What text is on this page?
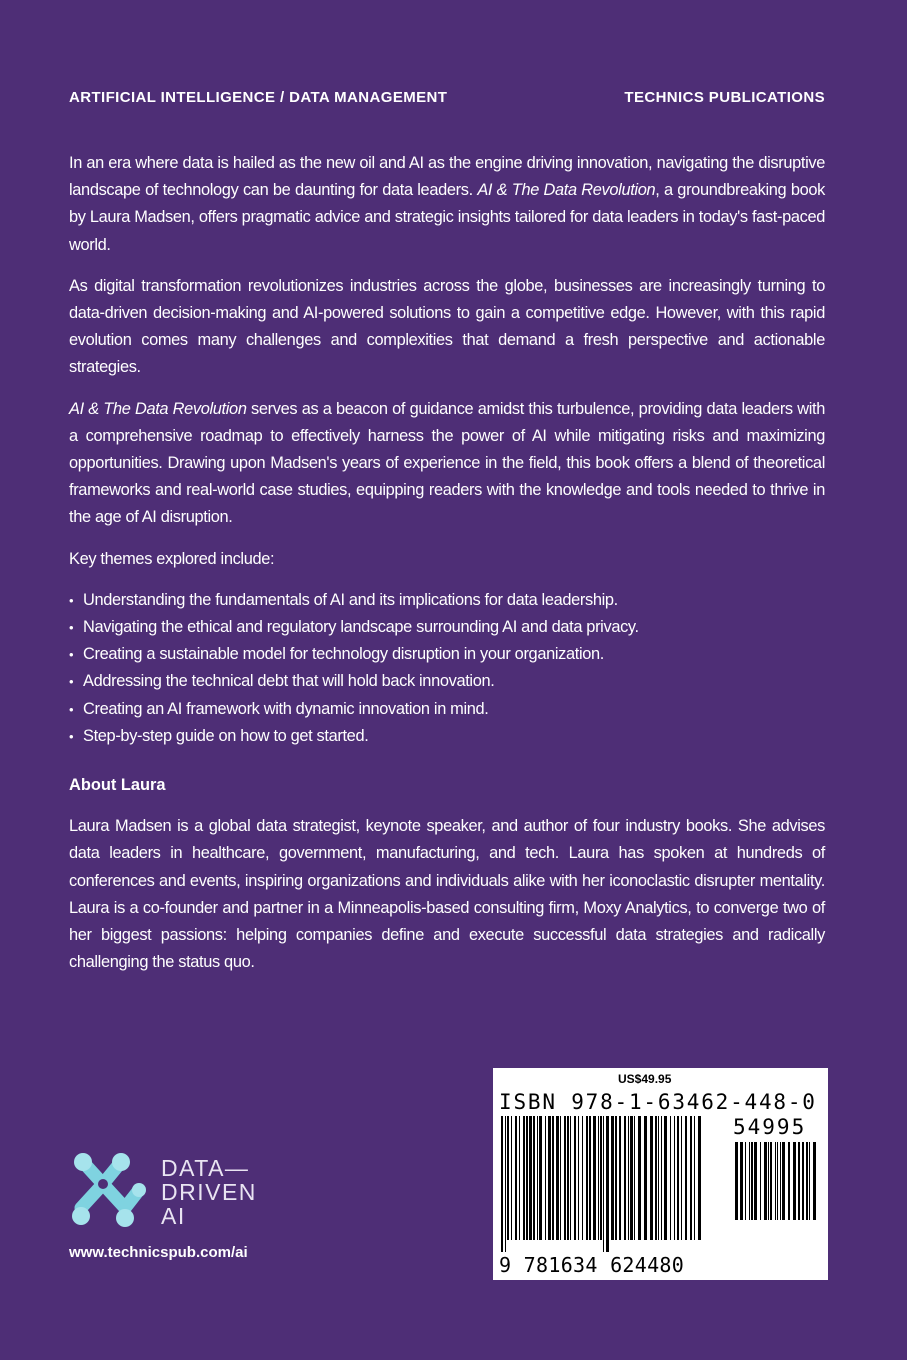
ARTIFICIAL INTELLIGENCE / DATA MANAGEMENT	TECHNICS PUBLICATIONS

In an era where data is hailed as the new oil and AI as the engine driving innovation, navigating the disruptive landscape of technology can be daunting for data leaders. AI & The Data Revolution, a groundbreaking book by Laura Madsen, offers pragmatic advice and strategic insights tailored for data leaders in today's fast-paced world.

As digital transformation revolutionizes industries across the globe, businesses are increasingly turning to data-driven decision-making and AI-powered solutions to gain a competitive edge. However, with this rapid evolution comes many challenges and complexities that demand a fresh perspective and actionable strategies.

AI & The Data Revolution serves as a beacon of guidance amidst this turbulence, providing data leaders with a comprehensive roadmap to effectively harness the power of AI while mitigating risks and maximizing opportunities. Drawing upon Madsen's years of experience in the field, this book offers a blend of theoretical frameworks and real-world case studies, equipping readers with the knowledge and tools needed to thrive in the age of AI disruption.

Key themes explored include:

• Understanding the fundamentals of AI and its implications for data leadership.
• Navigating the ethical and regulatory landscape surrounding AI and data privacy.
• Creating a sustainable model for technology disruption in your organization.
• Addressing the technical debt that will hold back innovation.
• Creating an AI framework with dynamic innovation in mind.
• Step-by-step guide on how to get started.

About Laura

Laura Madsen is a global data strategist, keynote speaker, and author of four industry books. She advises data leaders in healthcare, government, manufacturing, and tech. Laura has spoken at hundreds of conferences and events, inspiring organizations and individuals alike with her iconoclastic disrupter mentality. Laura is a co-founder and partner in a Minneapolis-based consulting firm, Moxy Analytics, to converge two of her biggest passions: helping companies define and execute successful data strategies and radically challenging the status quo.

DATA—
DRIVEN
AI
www.technicspub.com/ai
US$49.95
ISBN 978-1-63462-448-0
54995
9 781634 624480
